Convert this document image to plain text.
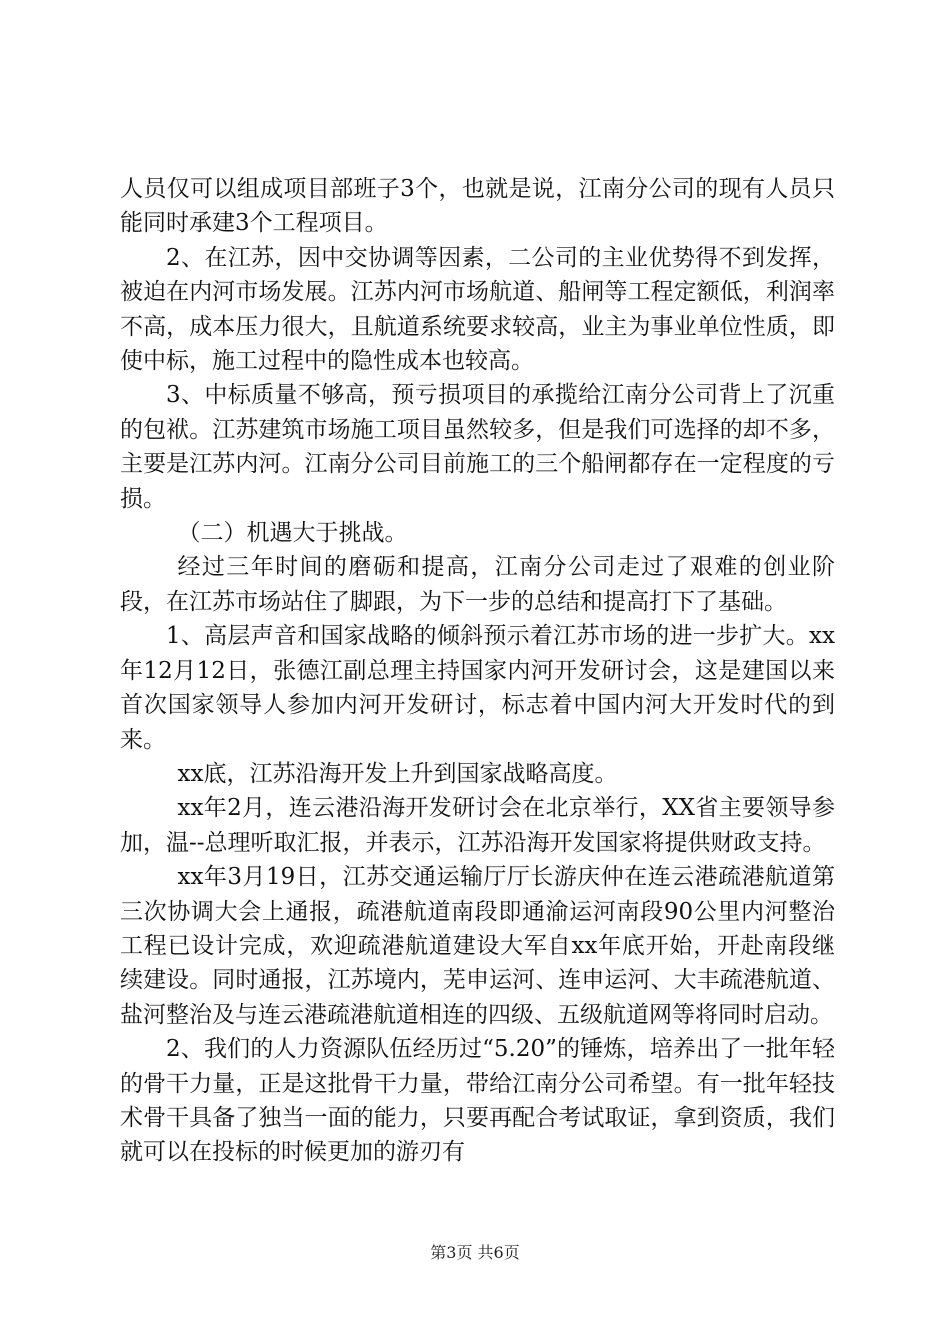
人员仅可以组成项目部班子3个，也就是说，江南分公司的现有人员只能同时承建3个工程项目。

2、在江苏，因中交协调等因素，二公司的主业优势得不到发挥，被迫在内河市场发展。江苏内河市场航道、船闸等工程定额低，利润率不高，成本压力很大，且航道系统要求较高，业主为事业单位性质，即使中标，施工过程中的隐性成本也较高。

3、中标质量不够高，预亏损项目的承揽给江南分公司背上了沉重的包袱。江苏建筑市场施工项目虽然较多，但是我们可选择的却不多，主要是江苏内河。江南分公司目前施工的三个船闸都存在一定程度的亏损。

（二）机遇大于挑战。

经过三年时间的磨砺和提高，江南分公司走过了艰难的创业阶段，在江苏市场站住了脚跟，为下一步的总结和提高打下了基础。

1、高层声音和国家战略的倾斜预示着江苏市场的进一步扩大。xx年12月12日，张德江副总理主持国家内河开发研讨会，这是建国以来首次国家领导人参加内河开发研讨，标志着中国内河大开发时代的到来。

xx底，江苏沿海开发上升到国家战略高度。

xx年2月，连云港沿海开发研讨会在北京举行，XX省主要领导参加，温--总理听取汇报，并表示，江苏沿海开发国家将提供财政支持。

xx年3月19日，江苏交通运输厅厅长游庆仲在连云港疏港航道第三次协调大会上通报，疏港航道南段即通渝运河南段90公里内河整治工程已设计完成，欢迎疏港航道建设大军自xx年底开始，开赴南段继续建设。同时通报，江苏境内，芜申运河、连申运河、大丰疏港航道、盐河整治及与连云港疏港航道相连的四级、五级航道网等将同时启动。

2、我们的人力资源队伍经历过“5.20”的锤炼，培养出了一批年轻的骨干力量，正是这批骨干力量，带给江南分公司希望。有一批年轻技术骨干具备了独当一面的能力，只要再配合考试取证，拿到资质，我们就可以在投标的时候更加的游刃有

第3页 共6页
